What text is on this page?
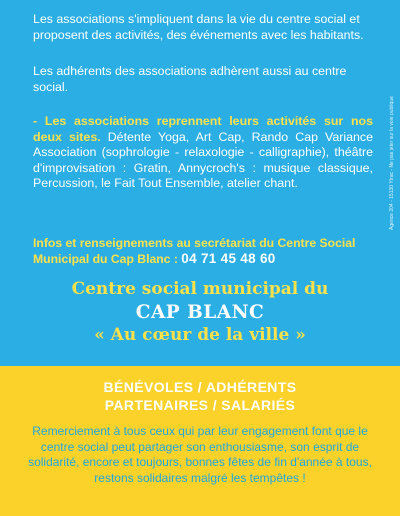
Les associations s'impliquent dans la vie du centre social et proposent des activités, des événements avec les habitants.

Les adhérents des associations adhèrent aussi au centre social.

- Les associations reprennent leurs activités sur nos deux sites. Détente Yoga, Art Cap, Rando Cap Variance Association (sophrologie - relaxologie - calligraphie), théâtre d'improvisation : Gratin, Annycroch's : musique classique, Percussion, le Fait Tout Ensemble, atelier chant.

Infos et renseignements au secrétariat du Centre Social Municipal du Cap Blanc : 04 71 45 48 60

Centre social municipal du

CAP BLANC

« Au cœur de la ville »

Agence 204 - 15130 Ytrac - Ne pas jeter sur la voie publique

BÉNÉVOLES / ADHÉRENTS

PARTENAIRES / SALARIÉS

Remerciement à tous ceux qui par leur engagement font que le centre social peut partager son enthousiasme, son esprit de solidarité, encore et toujours, bonnes fêtes de fin d'année à tous, restons solidaires malgré les tempêtes !
